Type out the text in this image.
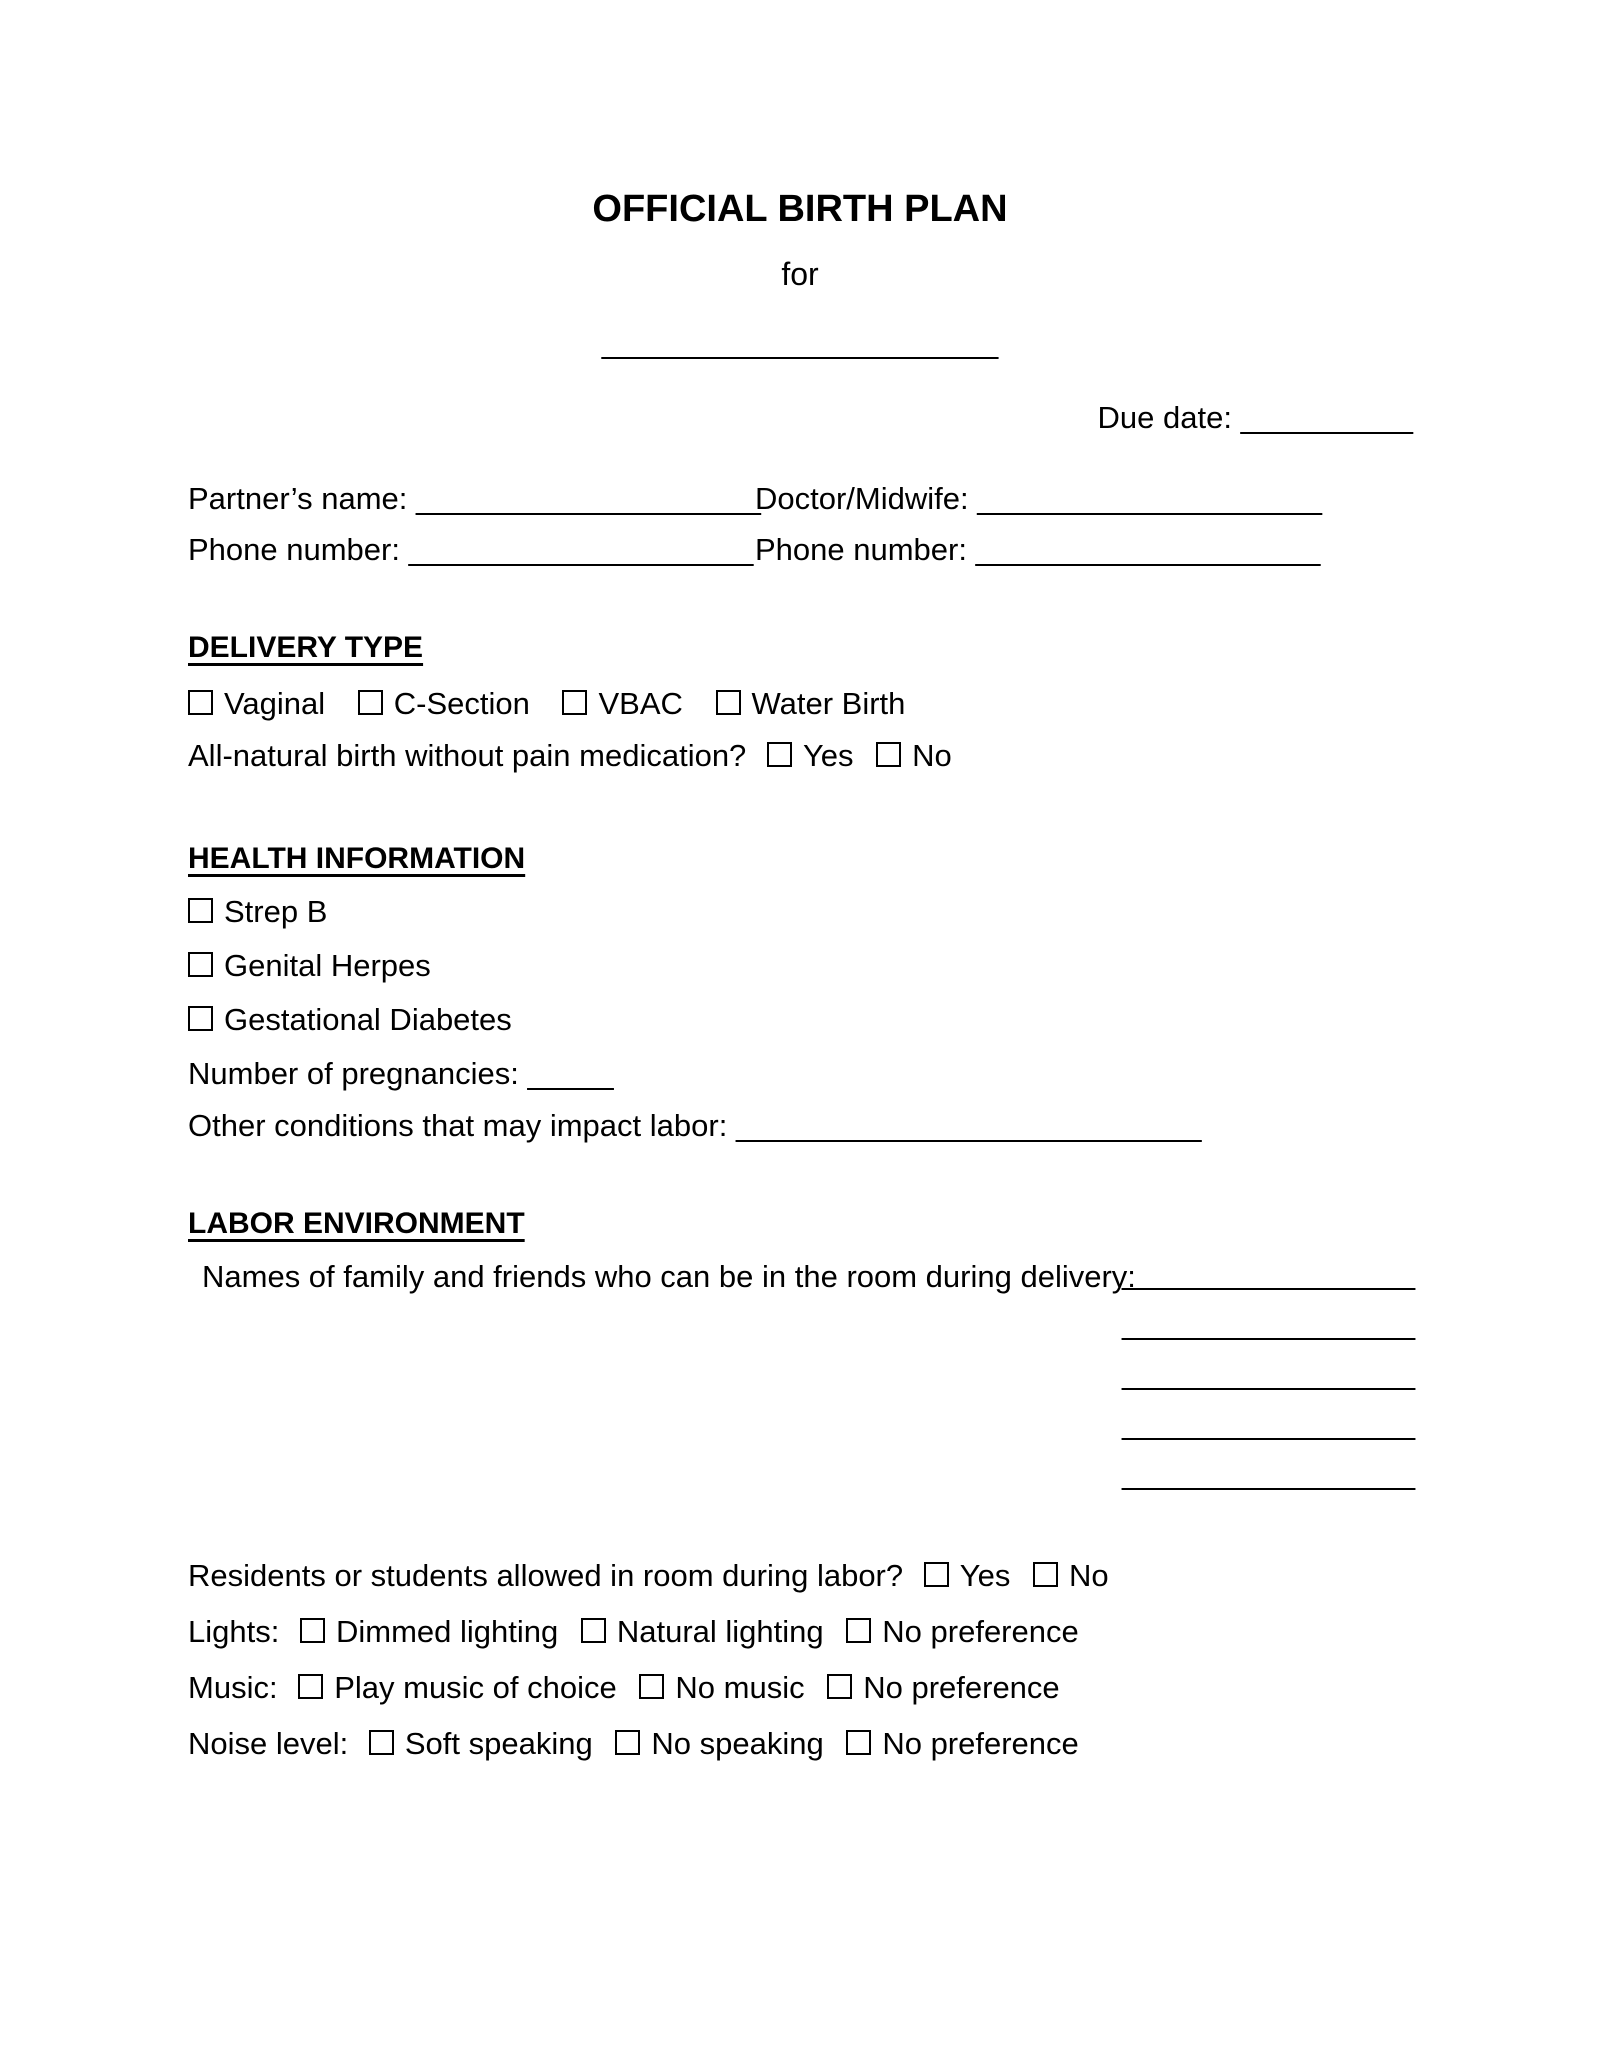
OFFICIAL BIRTH PLAN
for
_______________________
Due date: __________
Partner’s name: ____________________
Doctor/Midwife: ____________________
Phone number: ____________________ Phone number: ____________________
DELIVERY TYPE
Vaginal C-Section VBAC Water Birth
All-natural birth without pain medication? Yes No
HEALTH INFORMATION
Strep B
Genital Herpes
Gestational Diabetes
Number of pregnancies: _____
Other conditions that may impact labor: ___________________________
LABOR ENVIRONMENT
Names of family and friends who can be in the room during delivery:
_________________
_________________
_________________
_________________
_________________
Residents or students allowed in room during labor? Yes No
Lights: Dimmed lighting Natural lighting No preference
Music: Play music of choice No music No preference
Noise level: Soft speaking No speaking No preference
